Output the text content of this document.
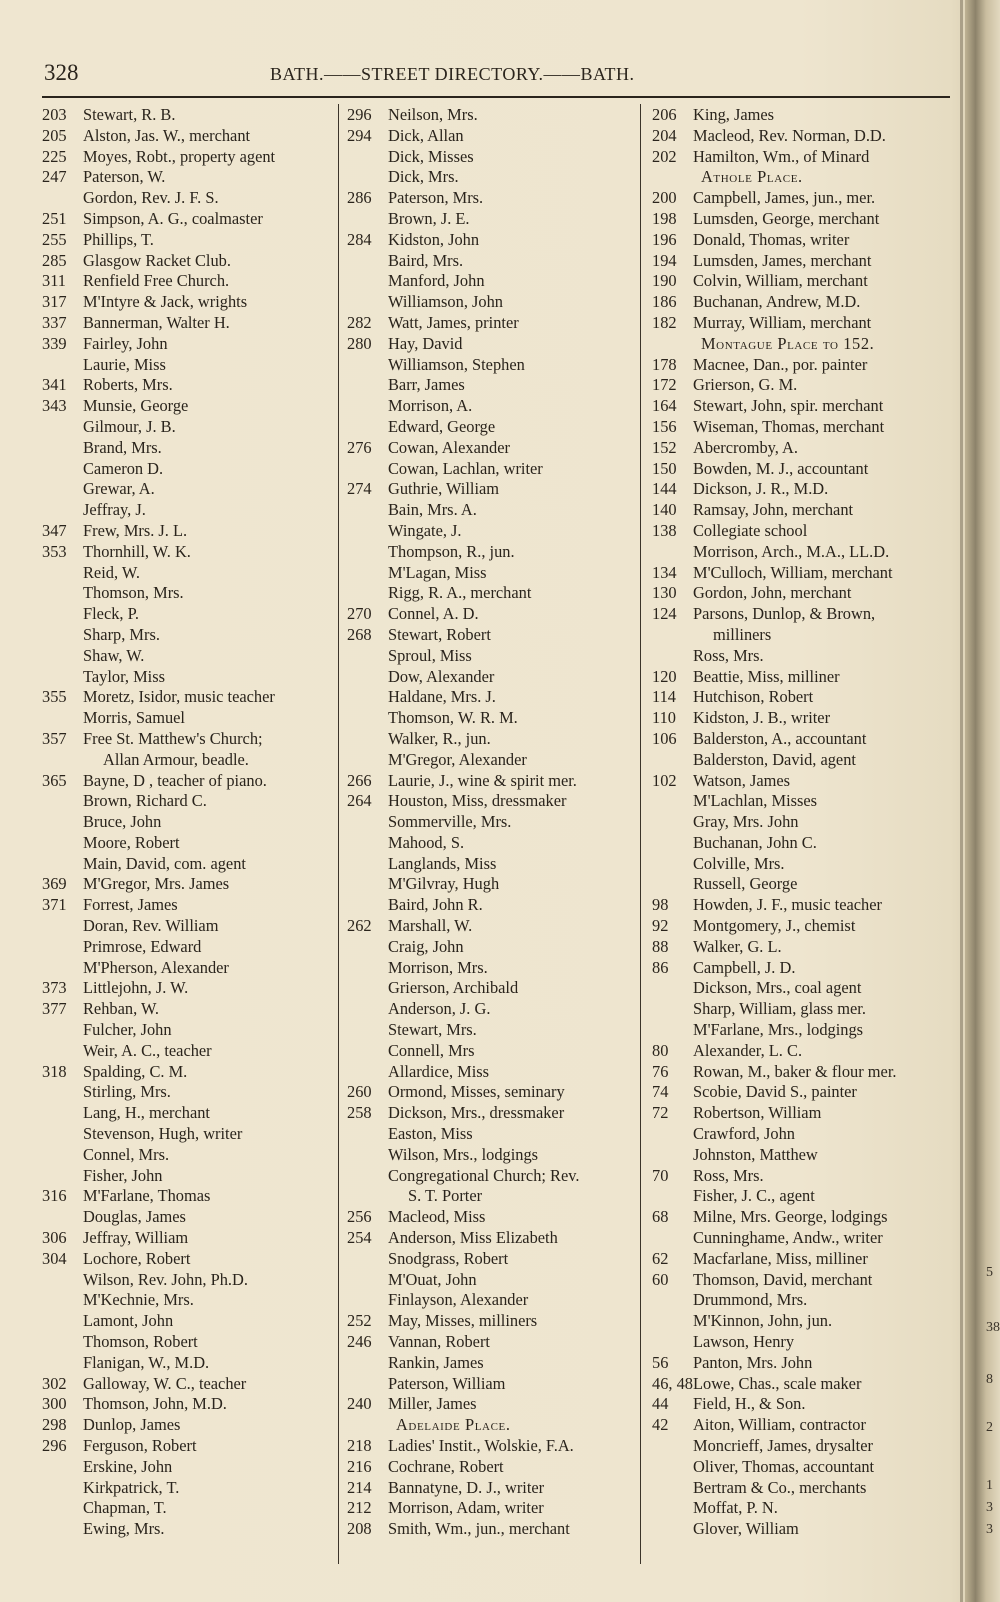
328	BATH.——STREET DIRECTORY.——BATH.
203	Stewart, R. B.
205	Alston, Jas. W., merchant
225	Moyes, Robt., property agent
247	Paterson, W.
Gordon, Rev. J. F. S.
251	Simpson, A. G., coalmaster
255	Phillips, T.
285	Glasgow Racket Club.
311	Renfield Free Church.
317	M'Intyre & Jack, wrights
337	Bannerman, Walter H.
339	Fairley, John
Laurie, Miss
341	Roberts, Mrs.
343	Munsie, George
Gilmour, J. B.
Brand, Mrs.
Cameron D.
Grewar, A.
Jeffray, J.
347	Frew, Mrs. J. L.
353	Thornhill, W. K.
Reid, W.
Thomson, Mrs.
Fleck, P.
Sharp, Mrs.
Shaw, W.
Taylor, Miss
355	Moretz, Isidor, music teacher
Morris, Samuel
357	Free St. Matthew's Church;
Allan Armour, beadle.
365	Bayne, D , teacher of piano.
Brown, Richard C.
Bruce, John
Moore, Robert
Main, David, com. agent
369	M'Gregor, Mrs. James
371	Forrest, James
Doran, Rev. William
Primrose, Edward
M'Pherson, Alexander
373	Littlejohn, J. W.
377	Rehban, W.
Fulcher, John
Weir, A. C., teacher
318	Spalding, C. M.
Stirling, Mrs.
Lang, H., merchant
Stevenson, Hugh, writer
Connel, Mrs.
Fisher, John
316	M'Farlane, Thomas
Douglas, James
306	Jeffray, William
304	Lochore, Robert
Wilson, Rev. John, Ph.D.
M'Kechnie, Mrs.
Lamont, John
Thomson, Robert
Flanigan, W., M.D.
302	Galloway, W. C., teacher
300	Thomson, John, M.D.
298	Dunlop, James
296	Ferguson, Robert
Erskine, John
Kirkpatrick, T.
Chapman, T.
Ewing, Mrs.
296	Neilson, Mrs.
294	Dick, Allan
Dick, Misses
Dick, Mrs.
286	Paterson, Mrs.
Brown, J. E.
284	Kidston, John
Baird, Mrs.
Manford, John
Williamson, John
282	Watt, James, printer
280	Hay, David
Williamson, Stephen
Barr, James
Morrison, A.
Edward, George
276	Cowan, Alexander
Cowan, Lachlan, writer
274	Guthrie, William
Bain, Mrs. A.
Wingate, J.
Thompson, R., jun.
M'Lagan, Miss
Rigg, R. A., merchant
270	Connel, A. D.
268	Stewart, Robert
Sproul, Miss
Dow, Alexander
Haldane, Mrs. J.
Thomson, W. R. M.
Walker, R., jun.
M'Gregor, Alexander
266	Laurie, J., wine & spirit mer.
264	Houston, Miss, dressmaker
Sommerville, Mrs.
Mahood, S.
Langlands, Miss
M'Gilvray, Hugh
Baird, John R.
262	Marshall, W.
Craig, John
Morrison, Mrs.
Grierson, Archibald
Anderson, J. G.
Stewart, Mrs.
Connell, Mrs
Allardice, Miss
260	Ormond, Misses, seminary
258	Dickson, Mrs., dressmaker
Easton, Miss
Wilson, Mrs., lodgings
Congregational Church; Rev.
S. T. Porter
256	Macleod, Miss
254	Anderson, Miss Elizabeth
Snodgrass, Robert
M'Ouat, John
Finlayson, Alexander
252	May, Misses, milliners
246	Vannan, Robert
Rankin, James
Paterson, William
240	Miller, James
Adelaide Place.
218	Ladies' Instit., Wolskie, F.A.
216	Cochrane, Robert
214	Bannatyne, D. J., writer
212	Morrison, Adam, writer
208	Smith, Wm., jun., merchant
206	King, James
204	Macleod, Rev. Norman, D.D.
202	Hamilton, Wm., of Minard
Athole Place.
200	Campbell, James, jun., mer.
198	Lumsden, George, merchant
196	Donald, Thomas, writer
194	Lumsden, James, merchant
190	Colvin, William, merchant
186	Buchanan, Andrew, M.D.
182	Murray, William, merchant
Montague Place to 152.
178	Macnee, Dan., por. painter
172	Grierson, G. M.
164	Stewart, John, spir. merchant
156	Wiseman, Thomas, merchant
152	Abercromby, A.
150	Bowden, M. J., accountant
144	Dickson, J. R., M.D.
140	Ramsay, John, merchant
138	Collegiate school
Morrison, Arch., M.A., LL.D.
134	M'Culloch, William, merchant
130	Gordon, John, merchant
124	Parsons, Dunlop, & Brown,
milliners
Ross, Mrs.
120	Beattie, Miss, milliner
114	Hutchison, Robert
110	Kidston, J. B., writer
106	Balderston, A., accountant
Balderston, David, agent
102	Watson, James
M'Lachlan, Misses
Gray, Mrs. John
Buchanan, John C.
Colville, Mrs.
Russell, George
98	Howden, J. F., music teacher
92	Montgomery, J., chemist
88	Walker, G. L.
86	Campbell, J. D.
Dickson, Mrs., coal agent
Sharp, William, glass mer.
M'Farlane, Mrs., lodgings
80	Alexander, L. C.
76	Rowan, M., baker & flour mer.
74	Scobie, David S., painter
72	Robertson, William
Crawford, John
Johnston, Matthew
70	Ross, Mrs.
Fisher, J. C., agent
68	Milne, Mrs. George, lodgings
Cunninghame, Andw., writer
62	Macfarlane, Miss, milliner
60	Thomson, David, merchant
Drummond, Mrs.
M'Kinnon, John, jun.
Lawson, Henry
56	Panton, Mrs. John
46, 48 Lowe, Chas., scale maker
44	Field, H., & Son.
42	Aiton, William, contractor
Moncrieff, James, drysalter
Oliver, Thomas, accountant
Bertram & Co., merchants
Moffat, P. N.
Glover, William
5
38
8
2
1
3
3
